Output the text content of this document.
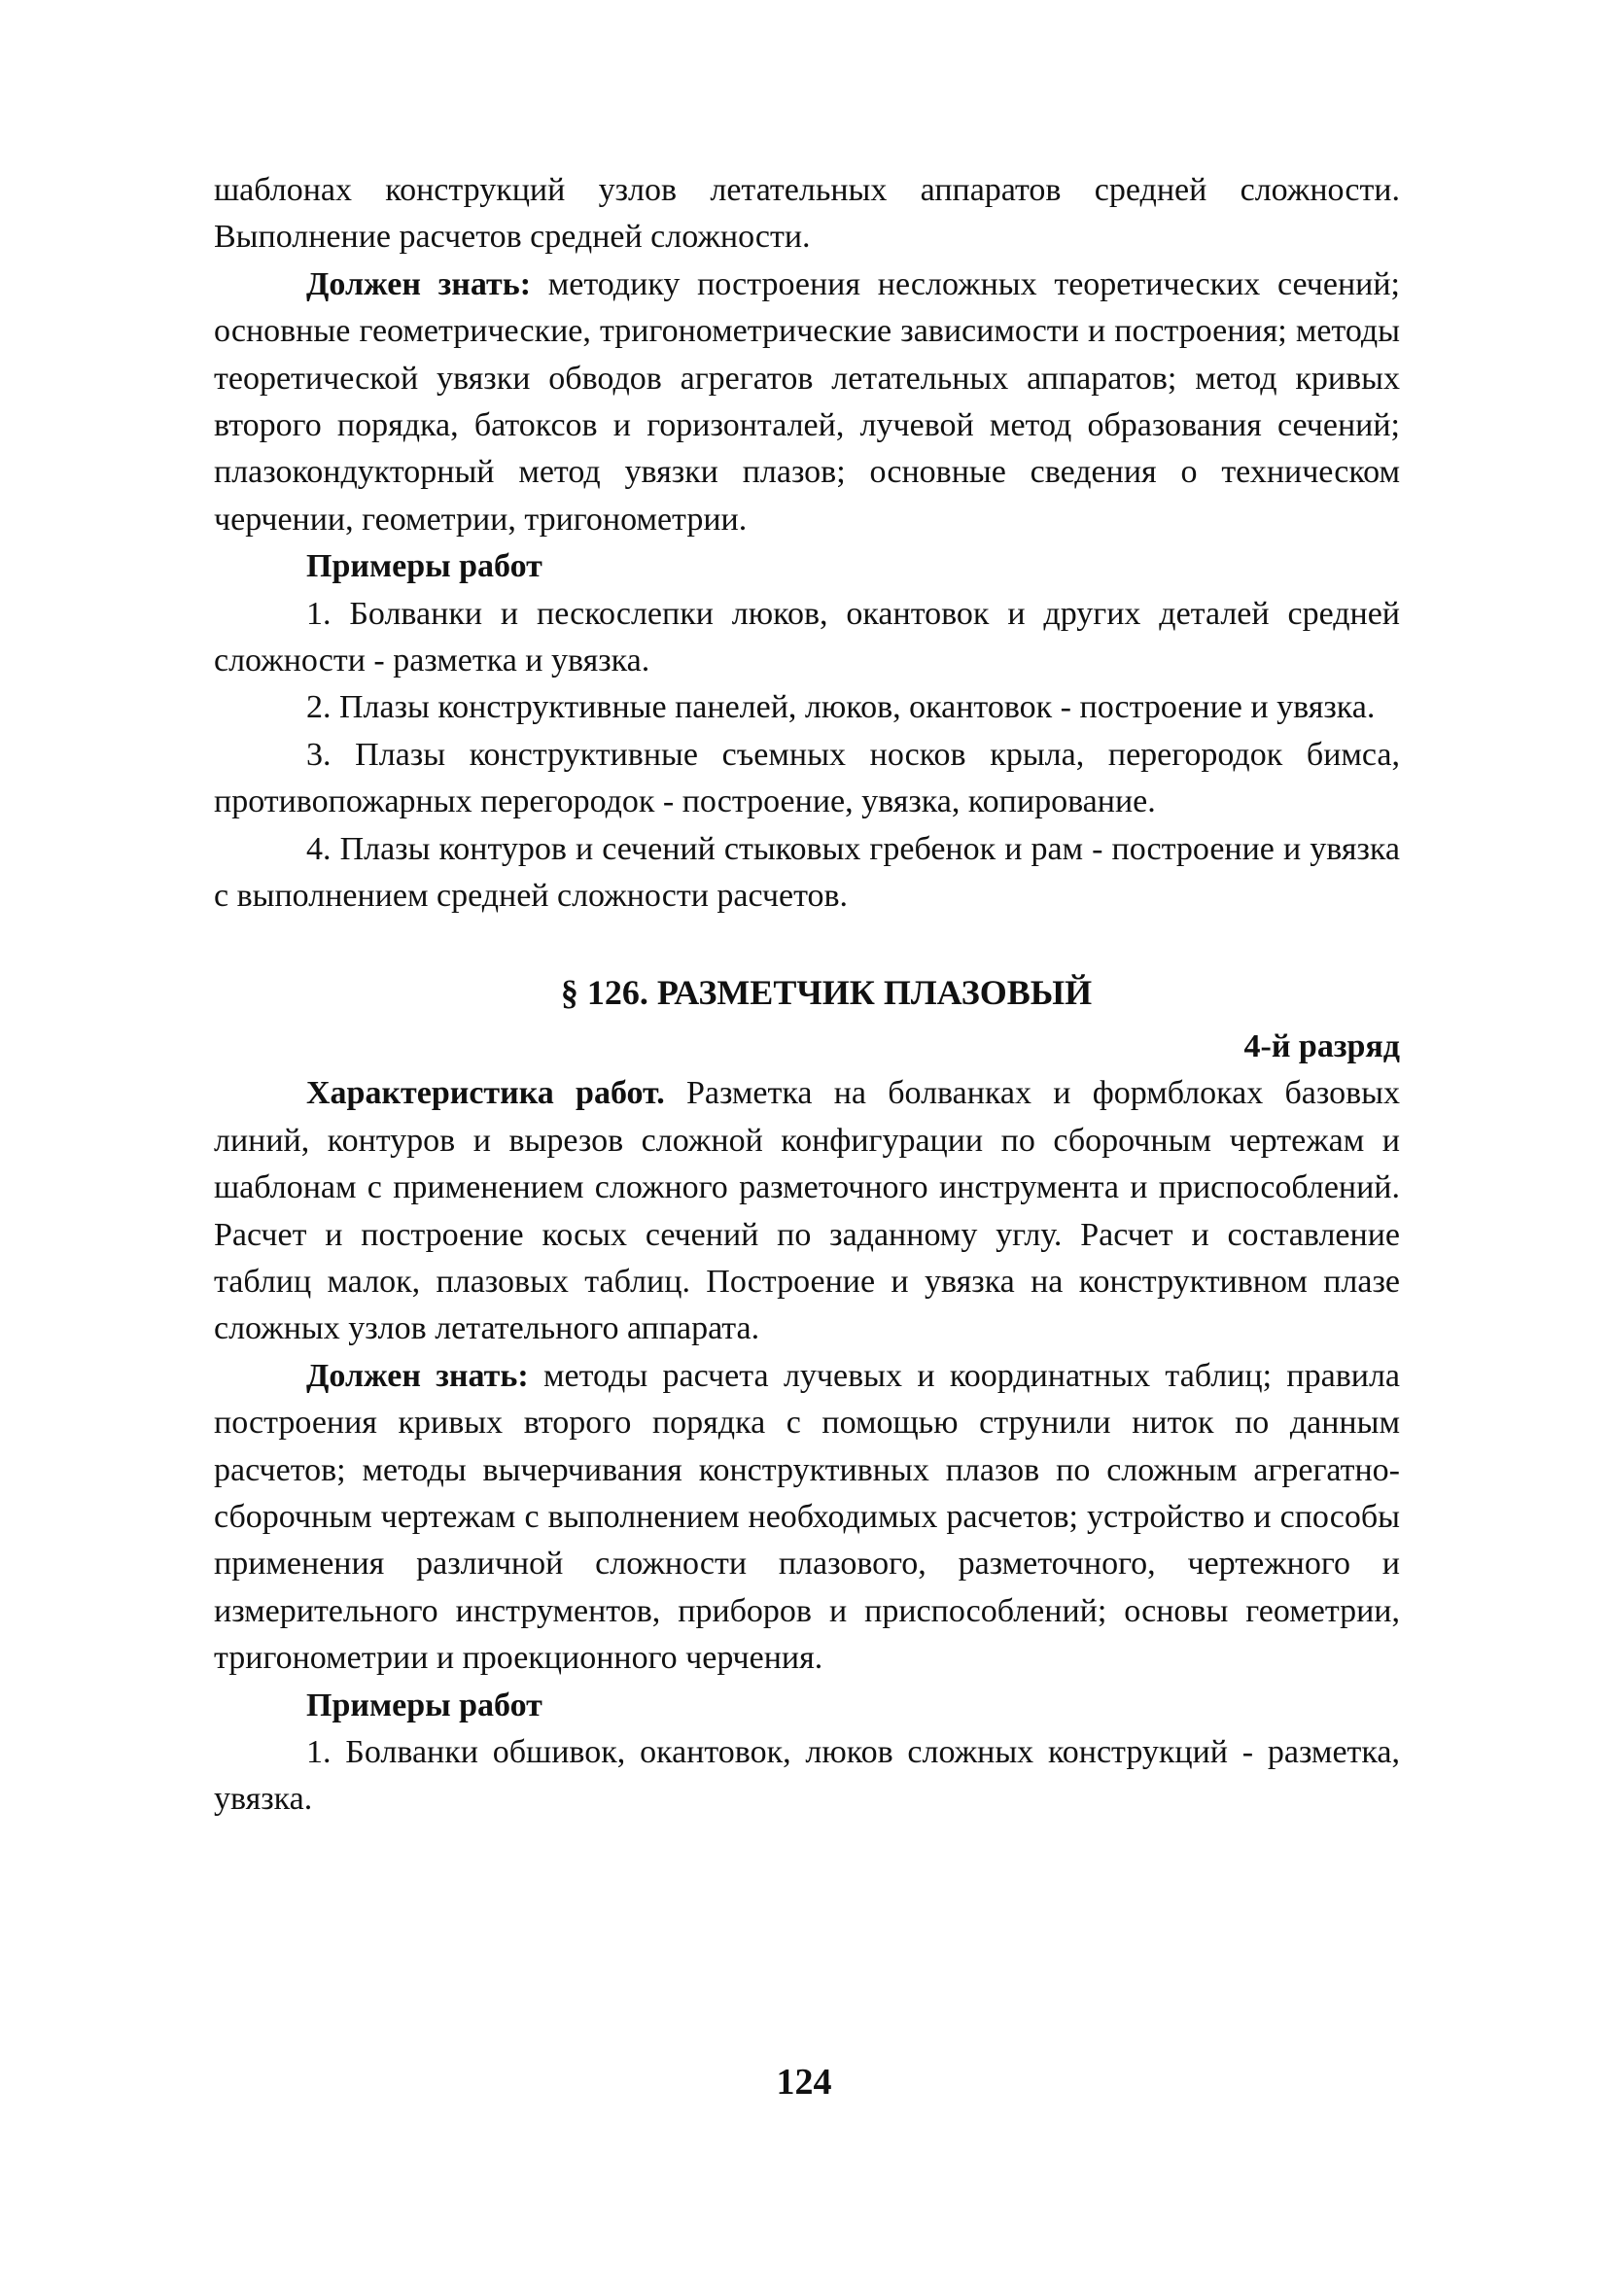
шаблонах конструкций узлов летательных аппаратов средней сложности. Выполнение расчетов средней сложности.

Должен знать: методику построения несложных теоретических сечений; основные геометрические, тригонометрические зависимости и построения; методы теоретической увязки обводов агрегатов летательных аппаратов; метод кривых второго порядка, батоксов и горизонталей, лучевой метод образования сечений; плазокондукторный метод увязки плазов; основные сведения о техническом черчении, геометрии, тригонометрии.

Примеры работ

1. Болванки и пескослепки люков, окантовок и других деталей средней сложности - разметка и увязка.

2. Плазы конструктивные панелей, люков, окантовок - построение и увязка.

3. Плазы конструктивные съемных носков крыла, перегородок бимса, противопожарных перегородок - построение, увязка, копирование.

4. Плазы контуров и сечений стыковых гребенок и рам - построение и увязка с выполнением средней сложности расчетов.

§ 126. РАЗМЕТЧИК ПЛАЗОВЫЙ

4-й разряд

Характеристика работ. Разметка на болванках и формблоках базовых линий, контуров и вырезов сложной конфигурации по сборочным чертежам и шаблонам с применением сложного разметочного инструмента и приспособлений. Расчет и построение косых сечений по заданному углу. Расчет и составление таблиц малок, плазовых таблиц. Построение и увязка на конструктивном плазе сложных узлов летательного аппарата.

Должен знать: методы расчета лучевых и координатных таблиц; правила построения кривых второго порядка с помощью струнили ниток по данным расчетов; методы вычерчивания конструктивных плазов по сложным агрегатно-сборочным чертежам с выполнением необходимых расчетов; устройство и способы применения различной сложности плазового, разметочного, чертежного и измерительного инструментов, приборов и приспособлений; основы геометрии, тригонометрии и проекционного черчения.

Примеры работ

1. Болванки обшивок, окантовок, люков сложных конструкций - разметка, увязка.

124
